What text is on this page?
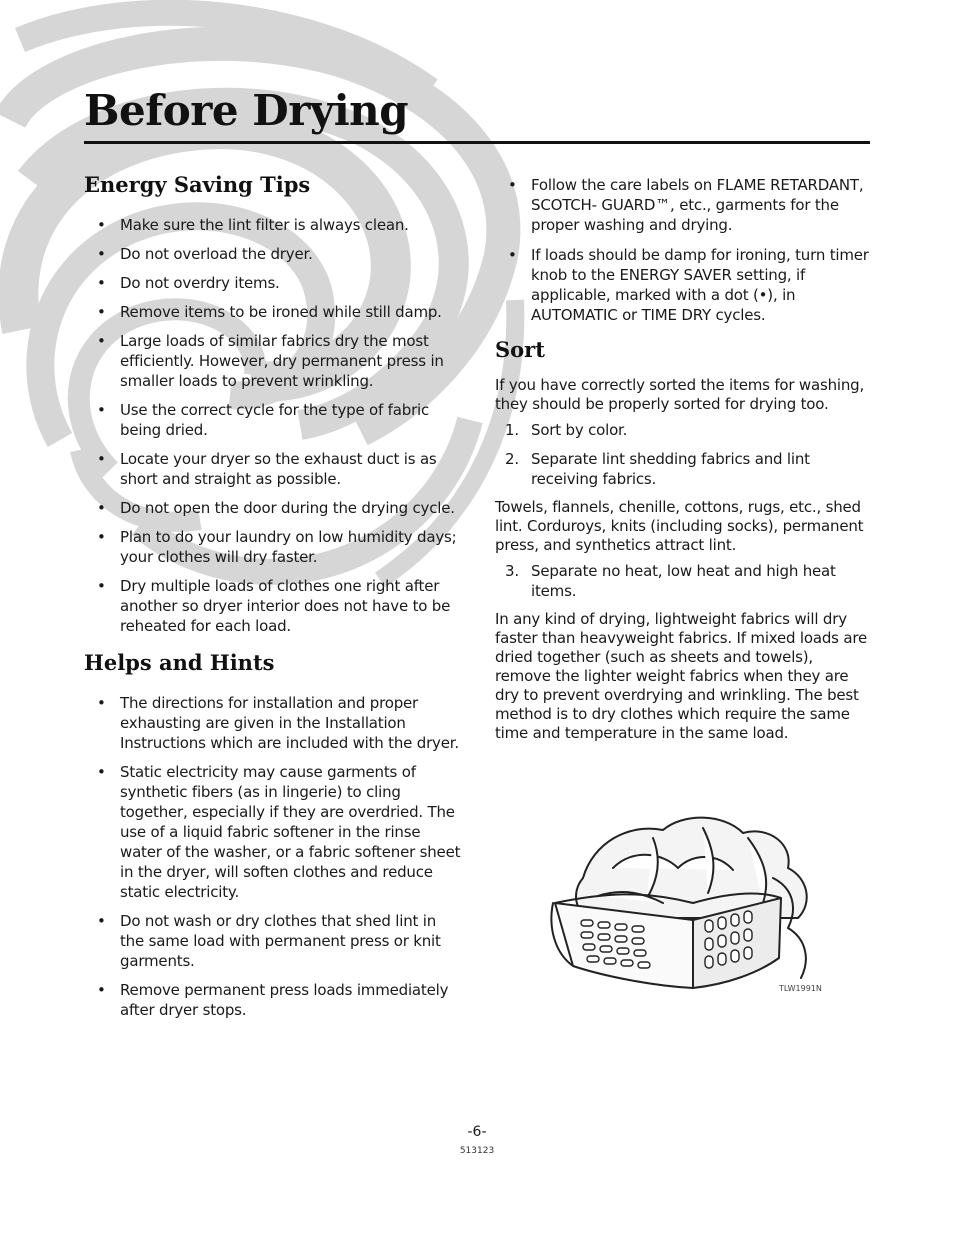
Before Drying
Energy Saving Tips
• Make sure the lint filter is always clean.
• Do not overload the dryer.
• Do not overdry items.
• Remove items to be ironed while still damp.
• Large loads of similar fabrics dry the most efficiently. However, dry permanent press in smaller loads to prevent wrinkling.
• Use the correct cycle for the type of fabric being dried.
• Locate your dryer so the exhaust duct is as short and straight as possible.
• Do not open the door during the drying cycle.
• Plan to do your laundry on low humidity days; your clothes will dry faster.
• Dry multiple loads of clothes one right after another so dryer interior does not have to be reheated for each load.
Helps and Hints
• The directions for installation and proper exhausting are given in the Installation Instructions which are included with the dryer.
• Static electricity may cause garments of synthetic fibers (as in lingerie) to cling together, especially if they are overdried. The use of a liquid fabric softener in the rinse water of the washer, or a fabric softener sheet in the dryer, will soften clothes and reduce static electricity.
• Do not wash or dry clothes that shed lint in the same load with permanent press or knit garments.
• Remove permanent press loads immediately after dryer stops.
• Follow the care labels on FLAME RETARDANT, SCOTCH- GUARD™, etc., garments for the proper washing and drying.
• If loads should be damp for ironing, turn timer knob to the ENERGY SAVER setting, if applicable, marked with a dot (•), in AUTOMATIC or TIME DRY cycles.
Sort

If you have correctly sorted the items for washing, they should be properly sorted for drying too.

1. Sort by color.
2. Separate lint shedding fabrics and lint receiving fabrics.

Towels, flannels, chenille, cottons, rugs, etc., shed lint. Corduroys, knits (including socks), permanent press, and synthetics attract lint.

3. Separate no heat, low heat and high heat items.

In any kind of drying, lightweight fabrics will dry faster than heavyweight fabrics. If mixed loads are dried together (such as sheets and towels), remove the lighter weight fabrics when they are dry to prevent overdrying and wrinkling. The best method is to dry clothes which require the same time and temperature in the same load.

TLW1991N
-6-
513123
